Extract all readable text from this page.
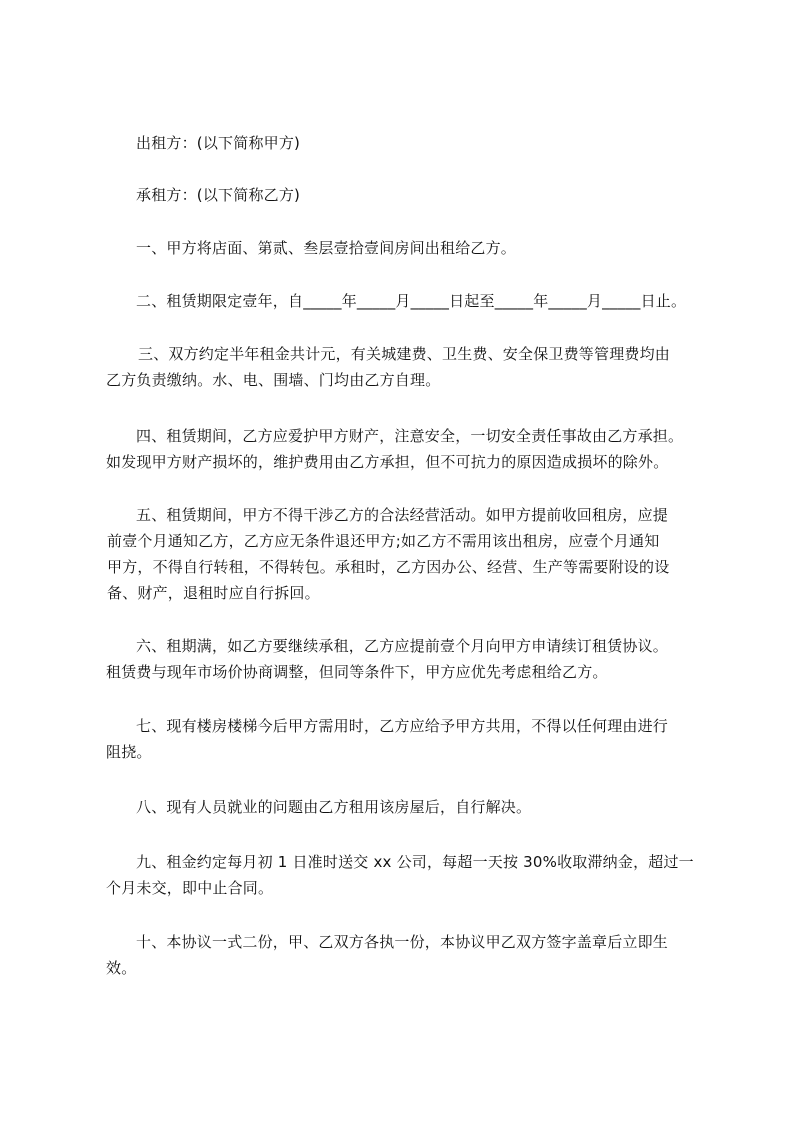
出租方：(以下简称甲方)
承租方：(以下简称乙方)
一、甲方将店面、第贰、叁层壹拾壹间房间出租给乙方。
二、租赁期限定壹年，自_____年_____月_____日起至_____年_____月_____日止。
三、双方约定半年租金共计元，有关城建费、卫生费、安全保卫费等管理费均由
乙方负责缴纳。水、电、围墙、门均由乙方自理。
四、租赁期间，乙方应爱护甲方财产，注意安全，一切安全责任事故由乙方承担。
如发现甲方财产损坏的，维护费用由乙方承担，但不可抗力的原因造成损坏的除外。
五、租赁期间，甲方不得干涉乙方的合法经营活动。如甲方提前收回租房，应提
前壹个月通知乙方，乙方应无条件退还甲方;如乙方不需用该出租房，应壹个月通知
甲方，不得自行转租，不得转包。承租时，乙方因办公、经营、生产等需要附设的设
备、财产，退租时应自行拆回。
六、租期满，如乙方要继续承租，乙方应提前壹个月向甲方申请续订租赁协议。
租赁费与现年市场价协商调整，但同等条件下，甲方应优先考虑租给乙方。
七、现有楼房楼梯今后甲方需用时，乙方应给予甲方共用，不得以任何理由进行
阻挠。
八、现有人员就业的问题由乙方租用该房屋后，自行解决。
九、租金约定每月初 1 日准时送交 xx 公司，每超一天按 30%收取滞纳金，超过一
个月未交，即中止合同。
十、本协议一式二份，甲、乙双方各执一份，本协议甲乙双方签字盖章后立即生
效。
